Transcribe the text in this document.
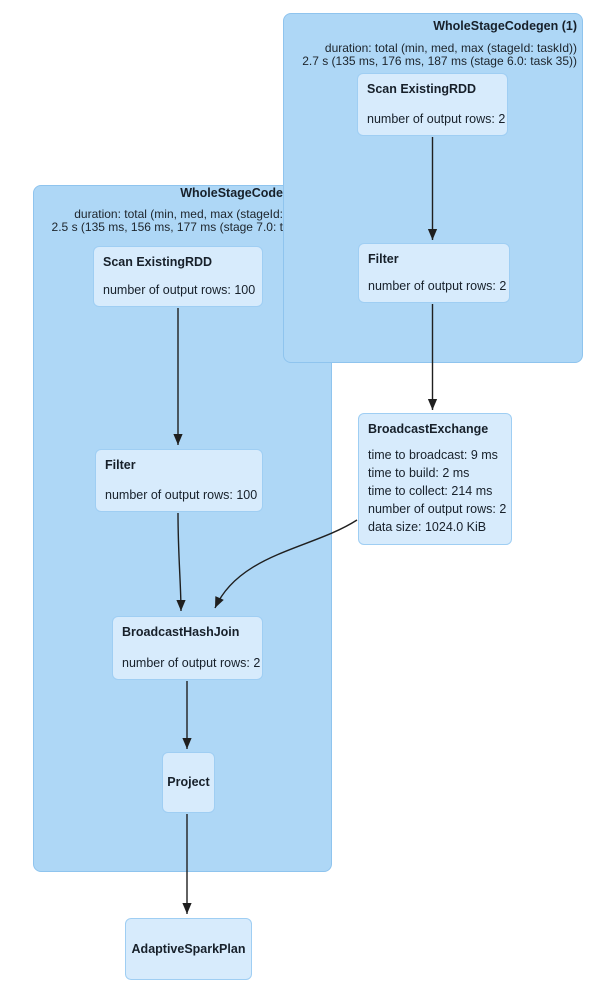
WholeStageCodegen (1)
duration: total (min, med, max (stageId: taskId))
2.7 s (135 ms, 176 ms, 187 ms (stage 6.0: task 35))
WholeStageCode
duration: total (min, med, max (stageId:
2.5 s (135 ms, 156 ms, 177 ms (stage 7.0: t
Scan ExistingRDD
number of output rows: 2
Filter
number of output rows: 2
BroadcastExchange
time to broadcast: 9 ms
time to build: 2 ms
time to collect: 214 ms
number of output rows: 2
data size: 1024.0 KiB
Scan ExistingRDD
number of output rows: 100
Filter
number of output rows: 100
BroadcastHashJoin
number of output rows: 2
Project
AdaptiveSparkPlan
